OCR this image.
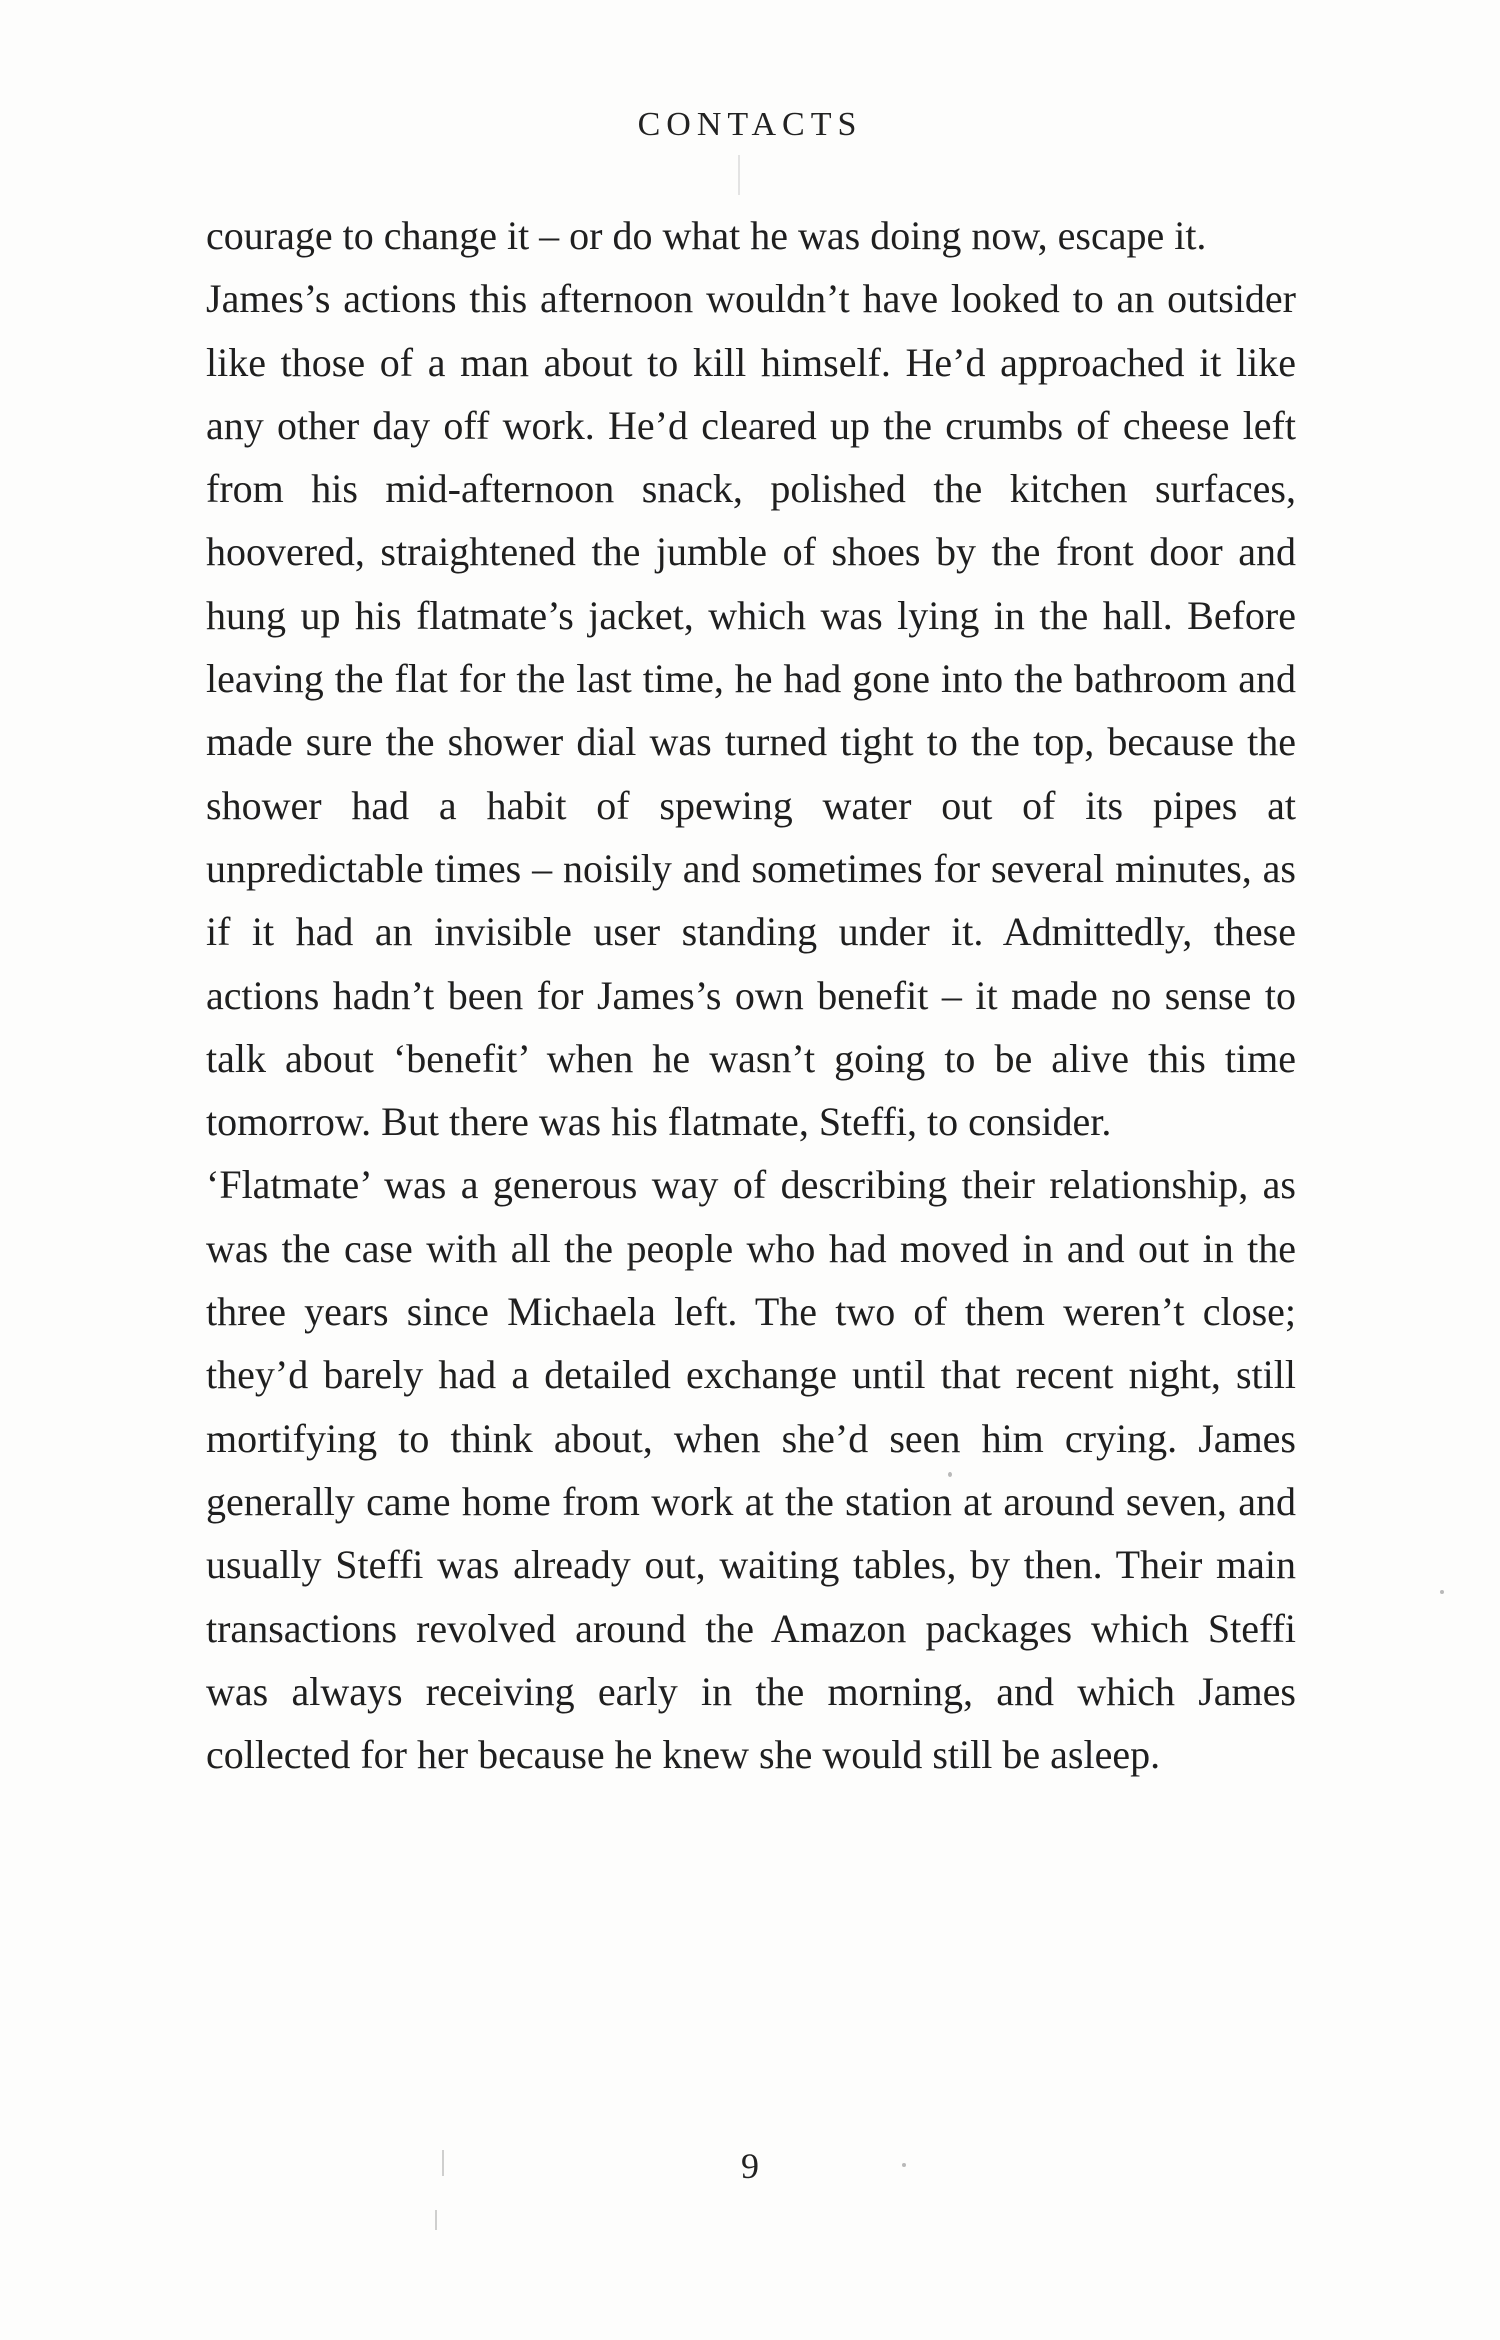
CONTACTS

courage to change it – or do what he was doing now, escape it.

James’s actions this afternoon wouldn’t have looked to an outsider like those of a man about to kill himself. He’d approached it like any other day off work. He’d cleared up the crumbs of cheese left from his mid-afternoon snack, polished the kitchen surfaces, hoovered, straightened the jumble of shoes by the front door and hung up his flatmate’s jacket, which was lying in the hall. Before leaving the flat for the last time, he had gone into the bathroom and made sure the shower dial was turned tight to the top, because the shower had a habit of spewing water out of its pipes at unpredictable times – noisily and sometimes for several minutes, as if it had an invisible user standing under it. Admittedly, these actions hadn’t been for James’s own benefit – it made no sense to talk about ‘benefit’ when he wasn’t going to be alive this time tomorrow. But there was his flatmate, Steffi, to consider.

‘Flatmate’ was a generous way of describing their relationship, as was the case with all the people who had moved in and out in the three years since Michaela left. The two of them weren’t close; they’d barely had a detailed exchange until that recent night, still mortifying to think about, when she’d seen him crying. James generally came home from work at the station at around seven, and usually Steffi was already out, waiting tables, by then. Their main transactions revolved around the Amazon packages which Steffi was always receiving early in the morning, and which James collected for her because he knew she would still be asleep.

9
